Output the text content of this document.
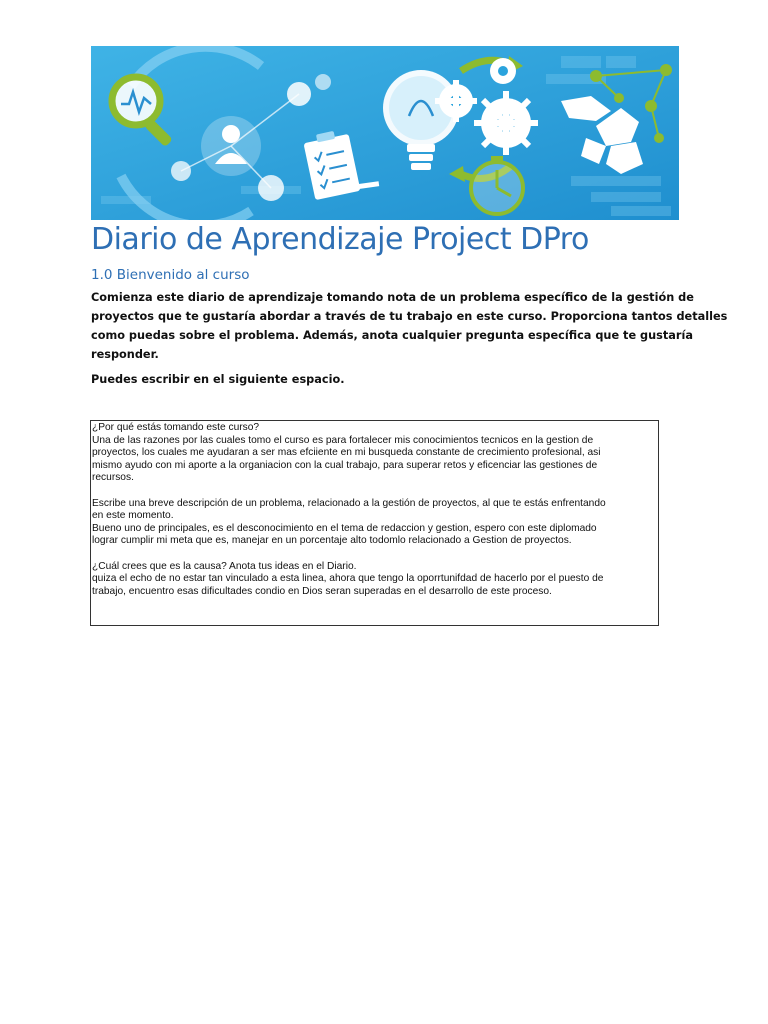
Diario de Aprendizaje Project DPro
1.0 Bienvenido al curso
Comienza este diario de aprendizaje tomando nota de un problema específico de la gestión de
proyectos que te gustaría abordar a través de tu trabajo en este curso. Proporciona tantos detalles
como puedas sobre el problema. Además, anota cualquier pregunta específica que te gustaría
responder.
Puedes escribir en el siguiente espacio.
¿Por qué estás tomando este curso?
Una de las razones por las cuales tomo el curso es para fortalecer mis conocimientos tecnicos en la gestion de
proyectos, los cuales me ayudaran a ser mas efciiente en mi busqueda constante de crecimiento profesional, asi
mismo ayudo con mi aporte a la organiacion con la cual trabajo, para superar retos y eficenciar las gestiones de
recursos.
Escribe una breve descripción de un problema, relacionado a la gestión de proyectos, al que te estás enfrentando
en este momento.
Bueno uno de principales, es el desconocimiento en el tema de redaccion y gestion, espero con este diplomado
lograr cumplir mi meta que es, manejar en un porcentaje alto todomlo relacionado a Gestion de proyectos.
¿Cuál crees que es la causa? Anota tus ideas en el Diario.
quiza el echo de no estar tan vinculado a esta linea, ahora que tengo la oporrtunifdad de hacerlo por el puesto de
trabajo, encuentro esas dificultades condio en Dios seran superadas en el desarrollo de este proceso.
